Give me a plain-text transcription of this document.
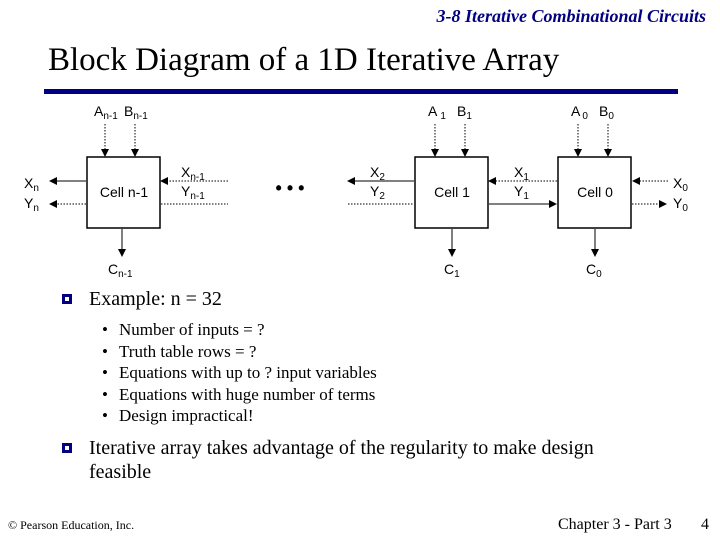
3-8 Iterative Combinational Circuits
Block Diagram of a 1D Iterative Array
Cell n-1
$A_{n-1}$ $B_{n-1}$
$C_{n-1}$
$X_n$
$Y_n$
$X_{n-1}$
$Y_{n-1}$	• • •	Cell 1
A $_1$ $B_1$
$C_1$
$X_2$
$Y_2$
$X_1$
$Y_1$	Cell 0
A $_0$ $B_0$
$C_0$
$X_0$
$Y_0$
Example: n = 32
• Number of inputs = ?
• Truth table rows = ?
• Equations with up to ? input variables
• Equations with huge number of terms
• Design impractical!
Iterative array takes advantage of the regularity to make design feasible
© Pearson Education, Inc.	Chapter 3 - Part 3 4
